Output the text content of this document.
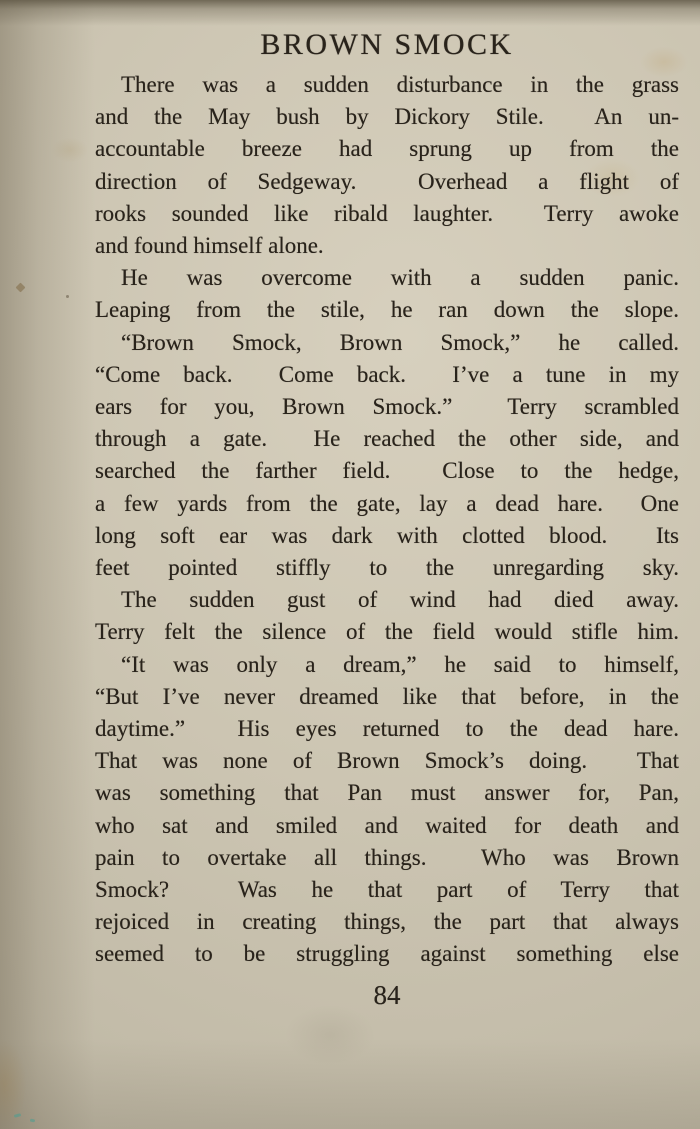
BROWN SMOCK
There was a sudden disturbance in the grass
and the May bush by Dickory Stile.  An un-
accountable breeze had sprung up from the
direction of Sedgeway.  Overhead a flight of
rooks sounded like ribald laughter.  Terry awoke
and found himself alone.
He was overcome with a sudden panic.
Leaping from the stile, he ran down the slope.
“Brown Smock, Brown Smock,” he called.
“Come back.  Come back.  I’ve a tune in my
ears for you, Brown Smock.”  Terry scrambled
through a gate.  He reached the other side, and
searched the farther field.  Close to the hedge,
a few yards from the gate, lay a dead hare.  One
long soft ear was dark with clotted blood.  Its
feet pointed stiffly to the unregarding sky.
The sudden gust of wind had died away.
Terry felt the silence of the field would stifle him.
“It was only a dream,” he said to himself,
“But I’ve never dreamed like that before, in the
daytime.”  His eyes returned to the dead hare.
That was none of Brown Smock’s doing.  That
was something that Pan must answer for, Pan,
who sat and smiled and waited for death and
pain to overtake all things.  Who was Brown
Smock?  Was he that part of Terry that
rejoiced in creating things, the part that always
seemed to be struggling against something else
84
